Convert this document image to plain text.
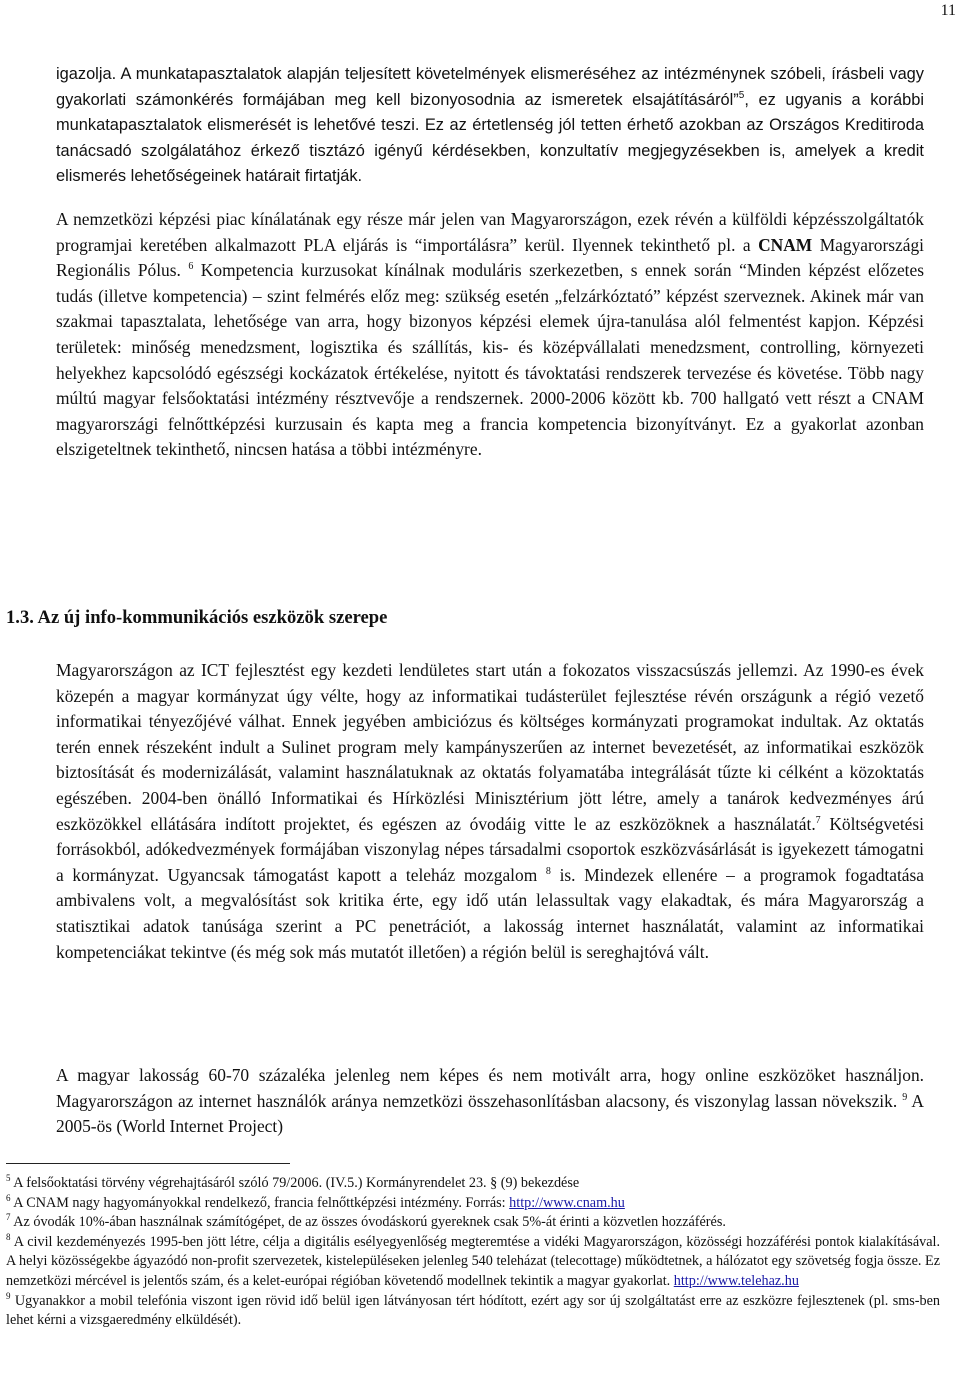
11

igazolja. A munkatapasztalatok alapján teljesített követelmények elismeréséhez az intézménynek szóbeli, írásbeli vagy gyakorlati számonkérés formájában meg kell bizonyosodnia az ismeretek elsajátításáról”$^5$, ez ugyanis a korábbi munkatapasztalatok elismerését is lehetővé teszi. Ez az értetlenség jól tetten érhető azokban az Országos Kreditiroda tanácsadó szolgálatához érkező tisztázó igényű kérdésekben, konzultatív megjegyzésekben is, amelyek a kredit elismerés lehetőségeinek határait firtatják.

A nemzetközi képzési piac kínálatának egy része már jelen van Magyarországon, ezek révén a külföldi képzésszolgáltatók programjai keretében alkalmazott PLA eljárás is “importálásra” kerül. Ilyennek tekinthető pl. a CNAM Magyarországi Regionális Pólus. $^6$ Kompetencia kurzusokat kínálnak moduláris szerkezetben, s ennek során “Minden képzést előzetes tudás (illetve kompetencia) – szint felmérés előz meg: szükség esetén „felzárkóztató” képzést szerveznek. Akinek már van szakmai tapasztalata, lehetősége van arra, hogy bizonyos képzési elemek újra-tanulása alól felmentést kapjon. Képzési területek: minőség menedzsment, logisztika és szállítás, kis- és középvállalati menedzsment, controlling, környezeti helyekhez kapcsolódó egészségi kockázatok értékelése, nyitott és távoktatási rendszerek tervezése és követése. Több nagy múltú magyar felsőoktatási intézmény résztvevője a rendszernek. 2000-2006 között kb. 700 hallgató vett részt a CNAM magyarországi felnőttképzési kurzusain és kapta meg a francia kompetencia bizonyítványt. Ez a gyakorlat azonban elszigeteltnek tekinthető, nincsen hatása a többi intézményre.

1.3. Az új info-kommunikációs eszközök szerepe

Magyarországon az ICT fejlesztést egy kezdeti lendületes start után a fokozatos visszacsúszás jellemzi. Az 1990-es évek közepén a magyar kormányzat úgy vélte, hogy az informatikai tudásterület fejlesztése révén országunk a régió vezető informatikai tényezőjévé válhat. Ennek jegyében ambiciózus és költséges kormányzati programokat indultak. Az oktatás terén ennek részeként indult a Sulinet program mely kampányszerűen az internet bevezetését, az informatikai eszközök biztosítását és modernizálását, valamint használatuknak az oktatás folyamatába integrálását tűzte ki célként a közoktatás egészében. 2004-ben önálló Informatikai és Hírközlési Minisztérium jött létre, amely a tanárok kedvezményes árú eszközökkel ellátására indított projektet, és egészen az óvodáig vitte le az eszközöknek a használatát.$^7$ Költségvetési forrásokból, adókedvezmények formájában viszonylag népes társadalmi csoportok eszközvásárlását is igyekezett támogatni a kormányzat. Ugyancsak támogatást kapott a teleház mozgalom $^8$ is. Mindezek ellenére – a programok fogadtatása ambivalens volt, a megvalósítást sok kritika érte, egy idő után lelassultak vagy elakadtak, és mára Magyarország a statisztikai adatok tanúsága szerint a PC penetrációt, a lakosság internet használatát, valamint az informatikai kompetenciákat tekintve (és még sok más mutatót illetően) a régión belül is sereghajtóvá vált.

A magyar lakosság 60-70 százaléka jelenleg nem képes és nem motivált arra, hogy online eszközöket használjon. Magyarországon az internet használók aránya nemzetközi összehasonlításban alacsony, és viszonylag lassan növekszik. $^9$ A 2005-ös (World Internet Project)

$^5$ A felsőoktatási törvény végrehajtásáról szóló 79/2006. (IV.5.) Kormányrendelet 23. § (9) bekezdése

$^6$ A CNAM nagy hagyományokkal rendelkező, francia felnőttképzési intézmény. Forrás: http://www.cnam.hu

$^7$ Az óvodák 10%-ában használnak számítógépet, de az összes óvodáskorú gyereknek csak 5%-át érinti a közvetlen hozzáférés.

$^8$ A civil kezdeményezés 1995-ben jött létre, célja a digitális esélyegyenlőség megteremtése a vidéki Magyarországon, közösségi hozzáférési pontok kialakításával. A helyi közösségekbe ágyazódó non-profit szervezetek, kistelepüléseken jelenleg 540 teleházat (telecottage) működtetnek, a hálózatot egy szövetség fogja össze. Ez nemzetközi mércével is jelentős szám, és a kelet-európai régióban követendő modellnek tekintik a magyar gyakorlat. http://www.telehaz.hu

$^9$ Ugyanakkor a mobil telefónia viszont igen rövid idő belül igen látványosan tért hódított, ezért agy sor új szolgáltatást erre az eszközre fejlesztenek (pl. sms-ben lehet kérni a vizsgaeredmény elküldését).
